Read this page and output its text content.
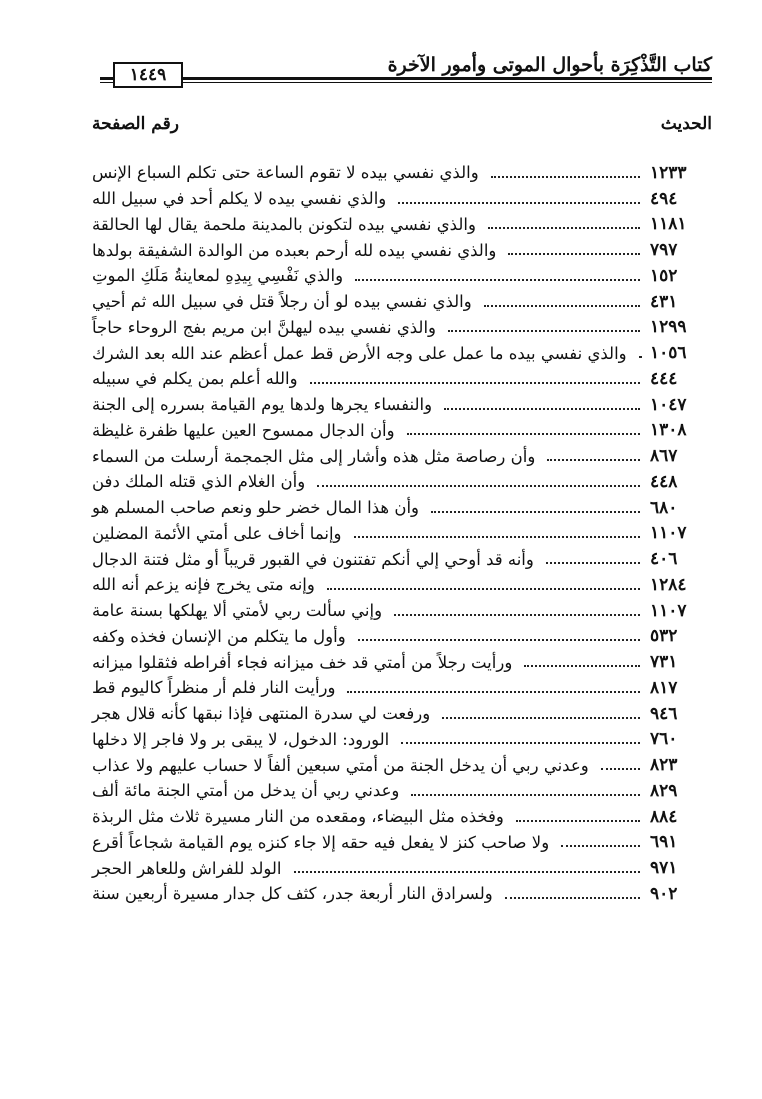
كتاب التَّذْكِرَة بأحوال الموتى وأمور الآخرة
١٤٤٩
الحديث
رقم الصفحة
والذي نفسي بيده لا تقوم الساعة حتى تكلم السباع الإنس	١٢٣٣
والذي نفسي بيده لا يكلم أحد في سبيل الله	٤٩٤
والذي نفسي بيده لتكونن بالمدينة ملحمة يقال لها الحالقة	١١٨١
والذي نفسي بيده لله أرحم بعبده من الوالدة الشفيقة بولدها	٧٩٧
والذي نَفْسِي بِيدِهِ لمعاينةُ مَلَكِ الموتِ	١٥٢
والذي نفسي بيده لو أن رجلاً قتل في سبيل الله ثم أحيي	٤٣١
والذي نفسي بيده ليهلنَّ ابن مريم بفج الروحاء حاجاً	١٢٩٩
والذي نفسي بيده ما عمل على وجه الأرض قط عمل أعظم عند الله بعد الشرك ١٠٥٦
والله أعلم بمن يكلم في سبيله	٤٤٤
والنفساء يجرها ولدها يوم القيامة بسرره إلى الجنة	١٠٤٧
وأن الدجال ممسوح العين عليها ظفرة غليظة	١٣٠٨
وأن رصاصة مثل هذه وأشار إلى مثل الجمجمة أرسلت من السماء	٨٦٧
وأن الغلام الذي قتله الملك دفن	٤٤٨
وأن هذا المال خضر حلو ونعم صاحب المسلم هو	٦٨٠
وإنما أخاف على أمتي الأئمة المضلين	١١٠٧
وأنه قد أوحي إلي أنكم تفتنون في القبور قريباً أو مثل فتنة الدجال	٤٠٦
وإنه متى يخرج فإنه يزعم أنه الله	١٢٨٤
وإني سألت ربي لأمتي ألا يهلكها بسنة عامة	١١٠٧
وأول ما يتكلم من الإنسان فخذه وكفه	٥٣٢
ورأيت رجلاً من أمتي قد خف ميزانه فجاء أفراطه فثقلوا ميزانه	٧٣١
ورأيت النار فلم أر منظراً كاليوم قط	٨١٧
ورفعت لي سدرة المنتهى فإذا نبقها كأنه قلال هجر	٩٤٦
الورود: الدخول، لا يبقى بر ولا فاجر إلا دخلها	٧٦٠
وعدني ربي أن يدخل الجنة من أمتي سبعين ألفاً لا حساب عليهم ولا عذاب	٨٢٣
وعدني ربي أن يدخل من أمتي الجنة مائة ألف	٨٢٩
وفخذه مثل البيضاء، ومقعده من النار مسيرة ثلاث مثل الربذة	٨٨٤
ولا صاحب كنز لا يفعل فيه حقه إلا جاء كنزه يوم القيامة شجاعاً أقرع	٦٩١
الولد للفراش وللعاهر الحجر	٩٧١
ولسرادق النار أربعة جدر، كثف كل جدار مسيرة أربعين سنة	٩٠٢
